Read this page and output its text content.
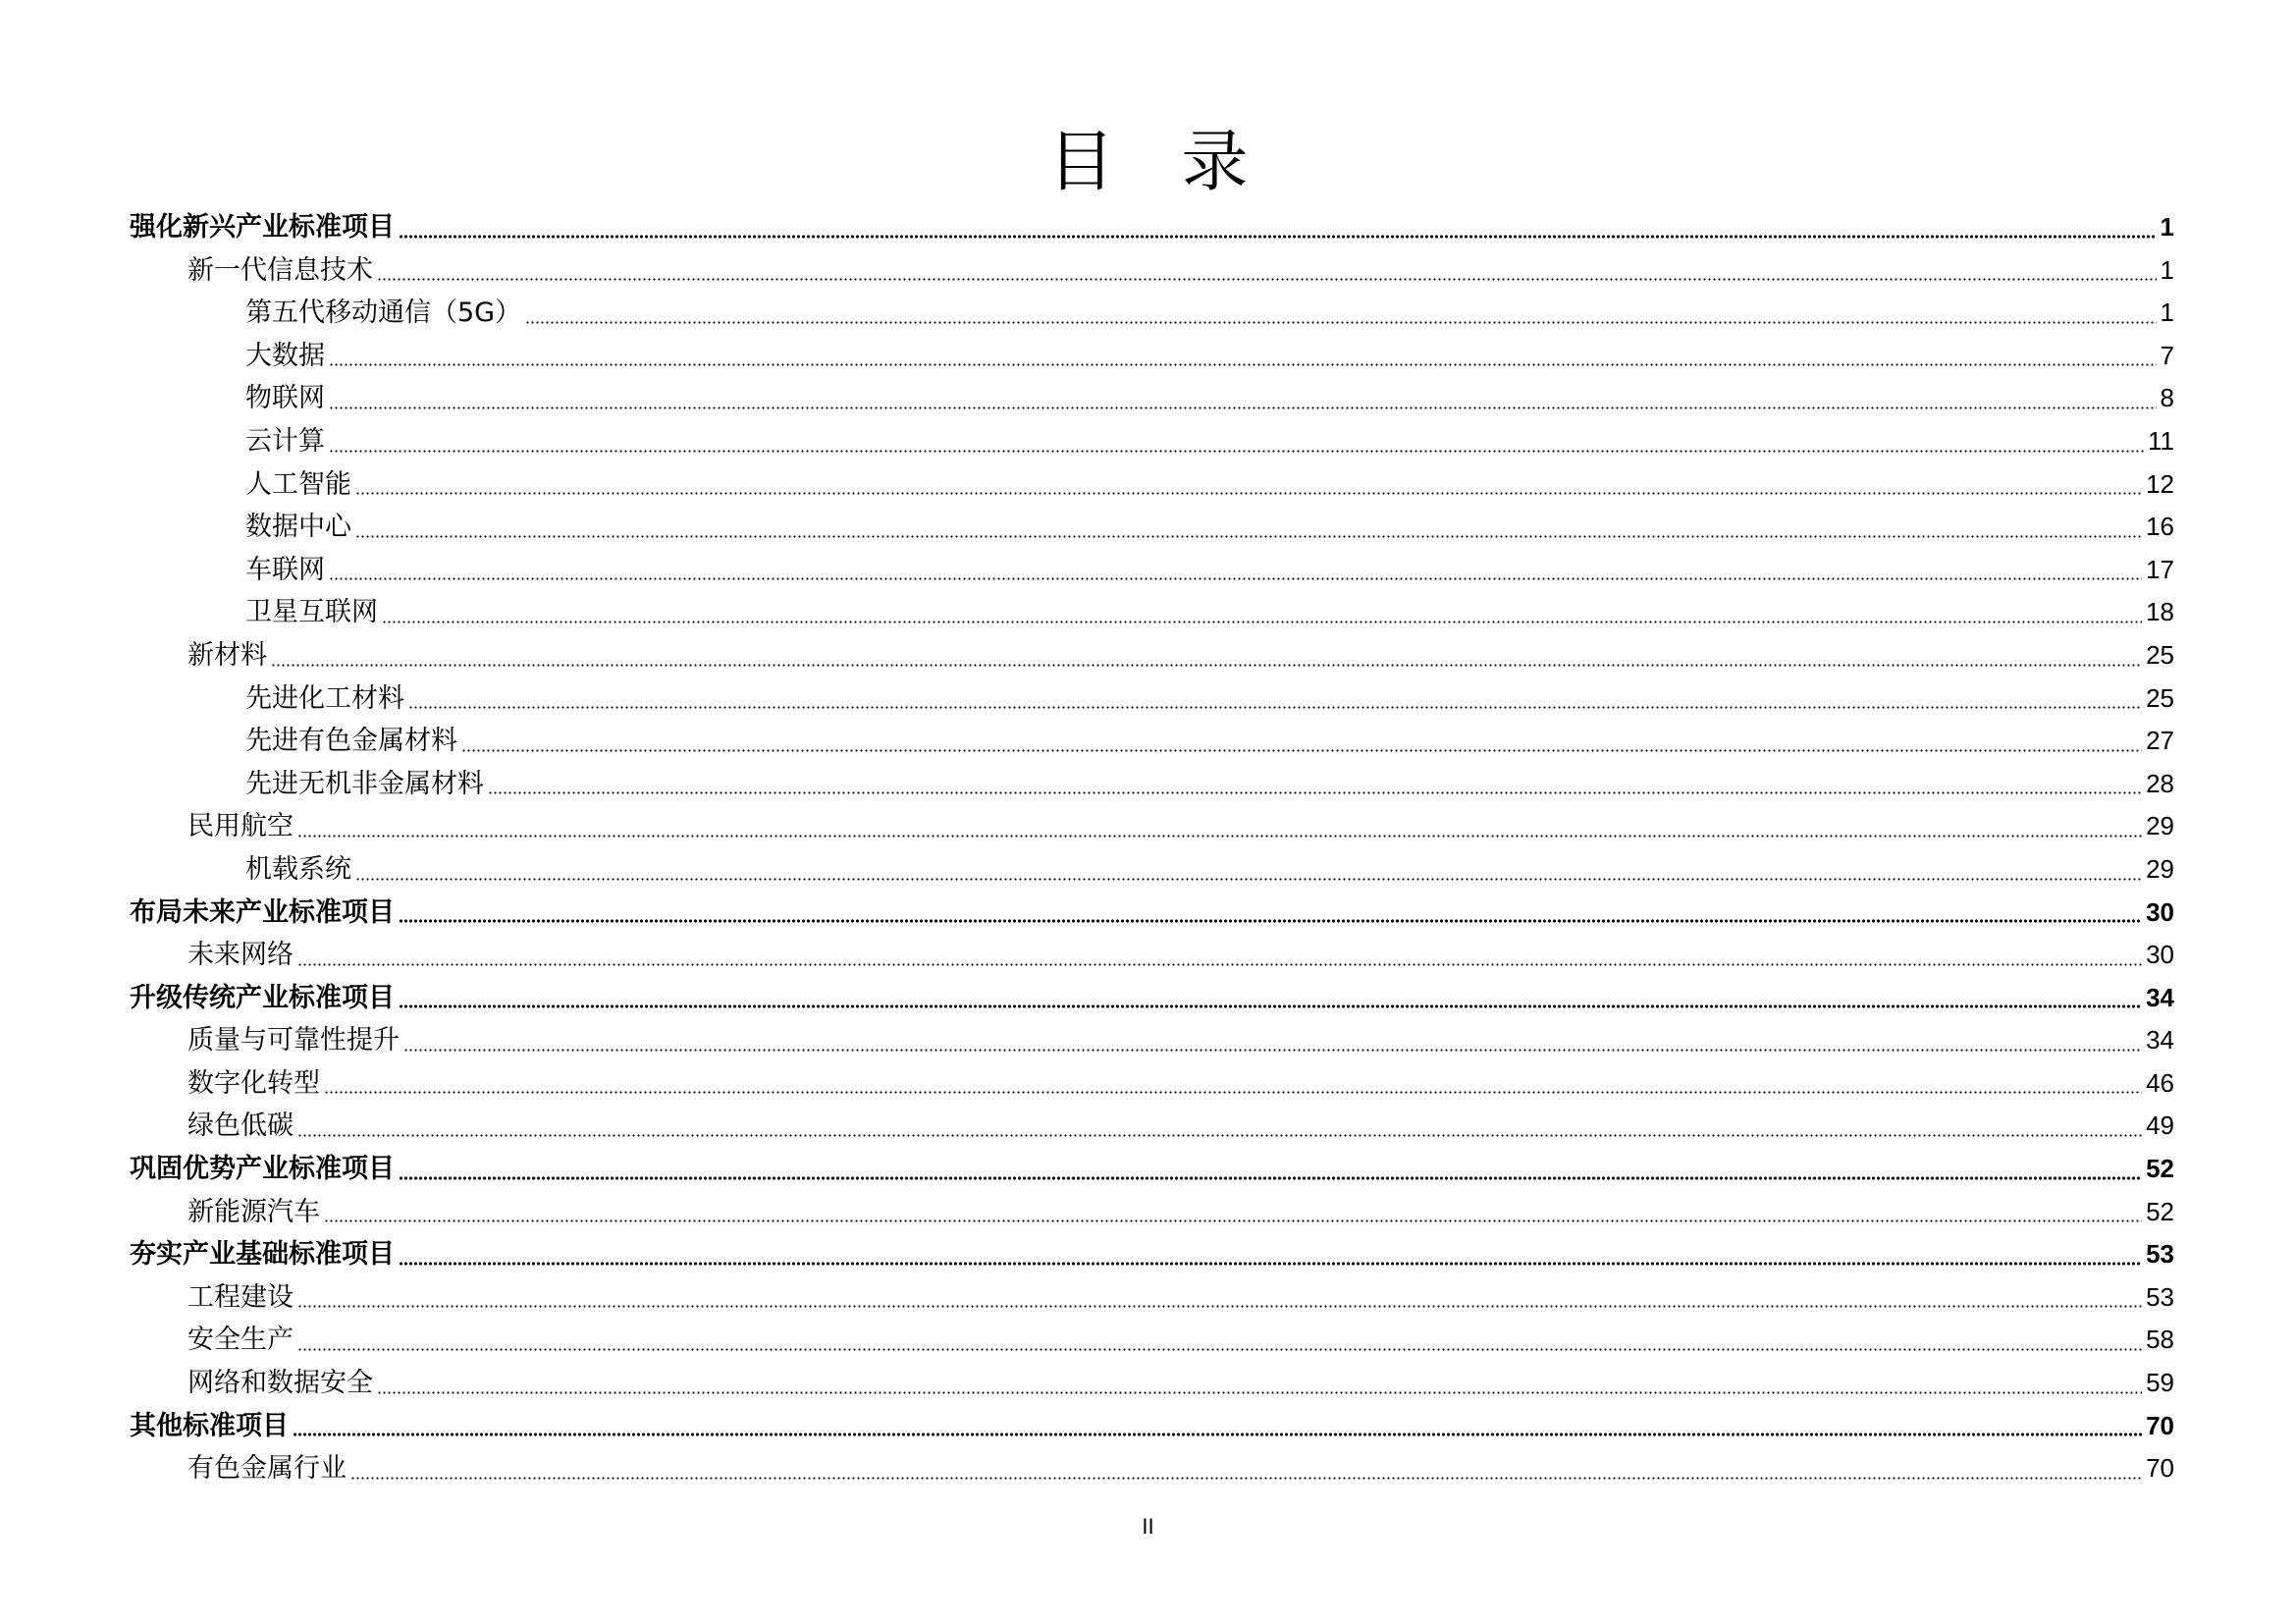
目　录
强化新兴产业标准项目	1
新一代信息技术	1
第五代移动通信（5G）	1
大数据	7
物联网	8
云计算	11
人工智能	12
数据中心	16
车联网	17
卫星互联网	18
新材料	25
先进化工材料	25
先进有色金属材料	27
先进无机非金属材料	28
民用航空	29
机载系统	29
布局未来产业标准项目	30
未来网络	30
升级传统产业标准项目	34
质量与可靠性提升	34
数字化转型	46
绿色低碳	49
巩固优势产业标准项目	52
新能源汽车	52
夯实产业基础标准项目	53
工程建设	53
安全生产	58
网络和数据安全	59
其他标准项目	70
有色金属行业	70
II
